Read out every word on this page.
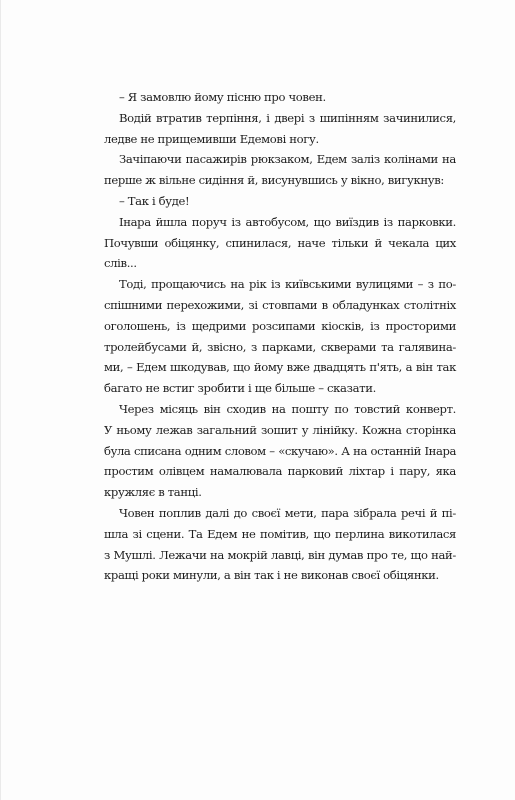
– Я замовлю йому пісню про човен.

Водій втратив терпіння, і двері з шипінням зачинилися,
ледве не прищемивши Едемові ногу.

Зачіпаючи пасажирів рюкзаком, Едем заліз колінами на
перше ж вільне сидіння й, висунувшись у вікно, вигукнув:

– Так і буде!

Інара йшла поруч із автобусом, що виїздив із парковки.
Почувши обіцянку, спинилася, наче тільки й чекала цих
слів...

Тоді, прощаючись на рік із київськими вулицями – з по-
спішними перехожими, зі стовпами в обладунках столітніх
оголошень, із щедрими розсипами кіосків, із просторими
тролейбусами й, звісно, з парками, скверами та галявина-
ми, – Едем шкодував, що йому вже двадцять п'ять, а він так
багато не встиг зробити і ще більше – сказати.

Через місяць він сходив на пошту по товстий конверт.
У ньому лежав загальний зошит у лінійку. Кожна сторінка
була списана одним словом – «скучаю». А на останній Інара
простим олівцем намалювала парковий ліхтар і пару, яка
кружляє в танці.

Човен поплив далі до своєї мети, пара зібрала речі й пі-
шла зі сцени. Та Едем не помітив, що перлина викотилася
з Мушлі. Лежачи на мокрій лавці, він думав про те, що най-
кращі роки минули, а він так і не виконав своєї обіцянки.
